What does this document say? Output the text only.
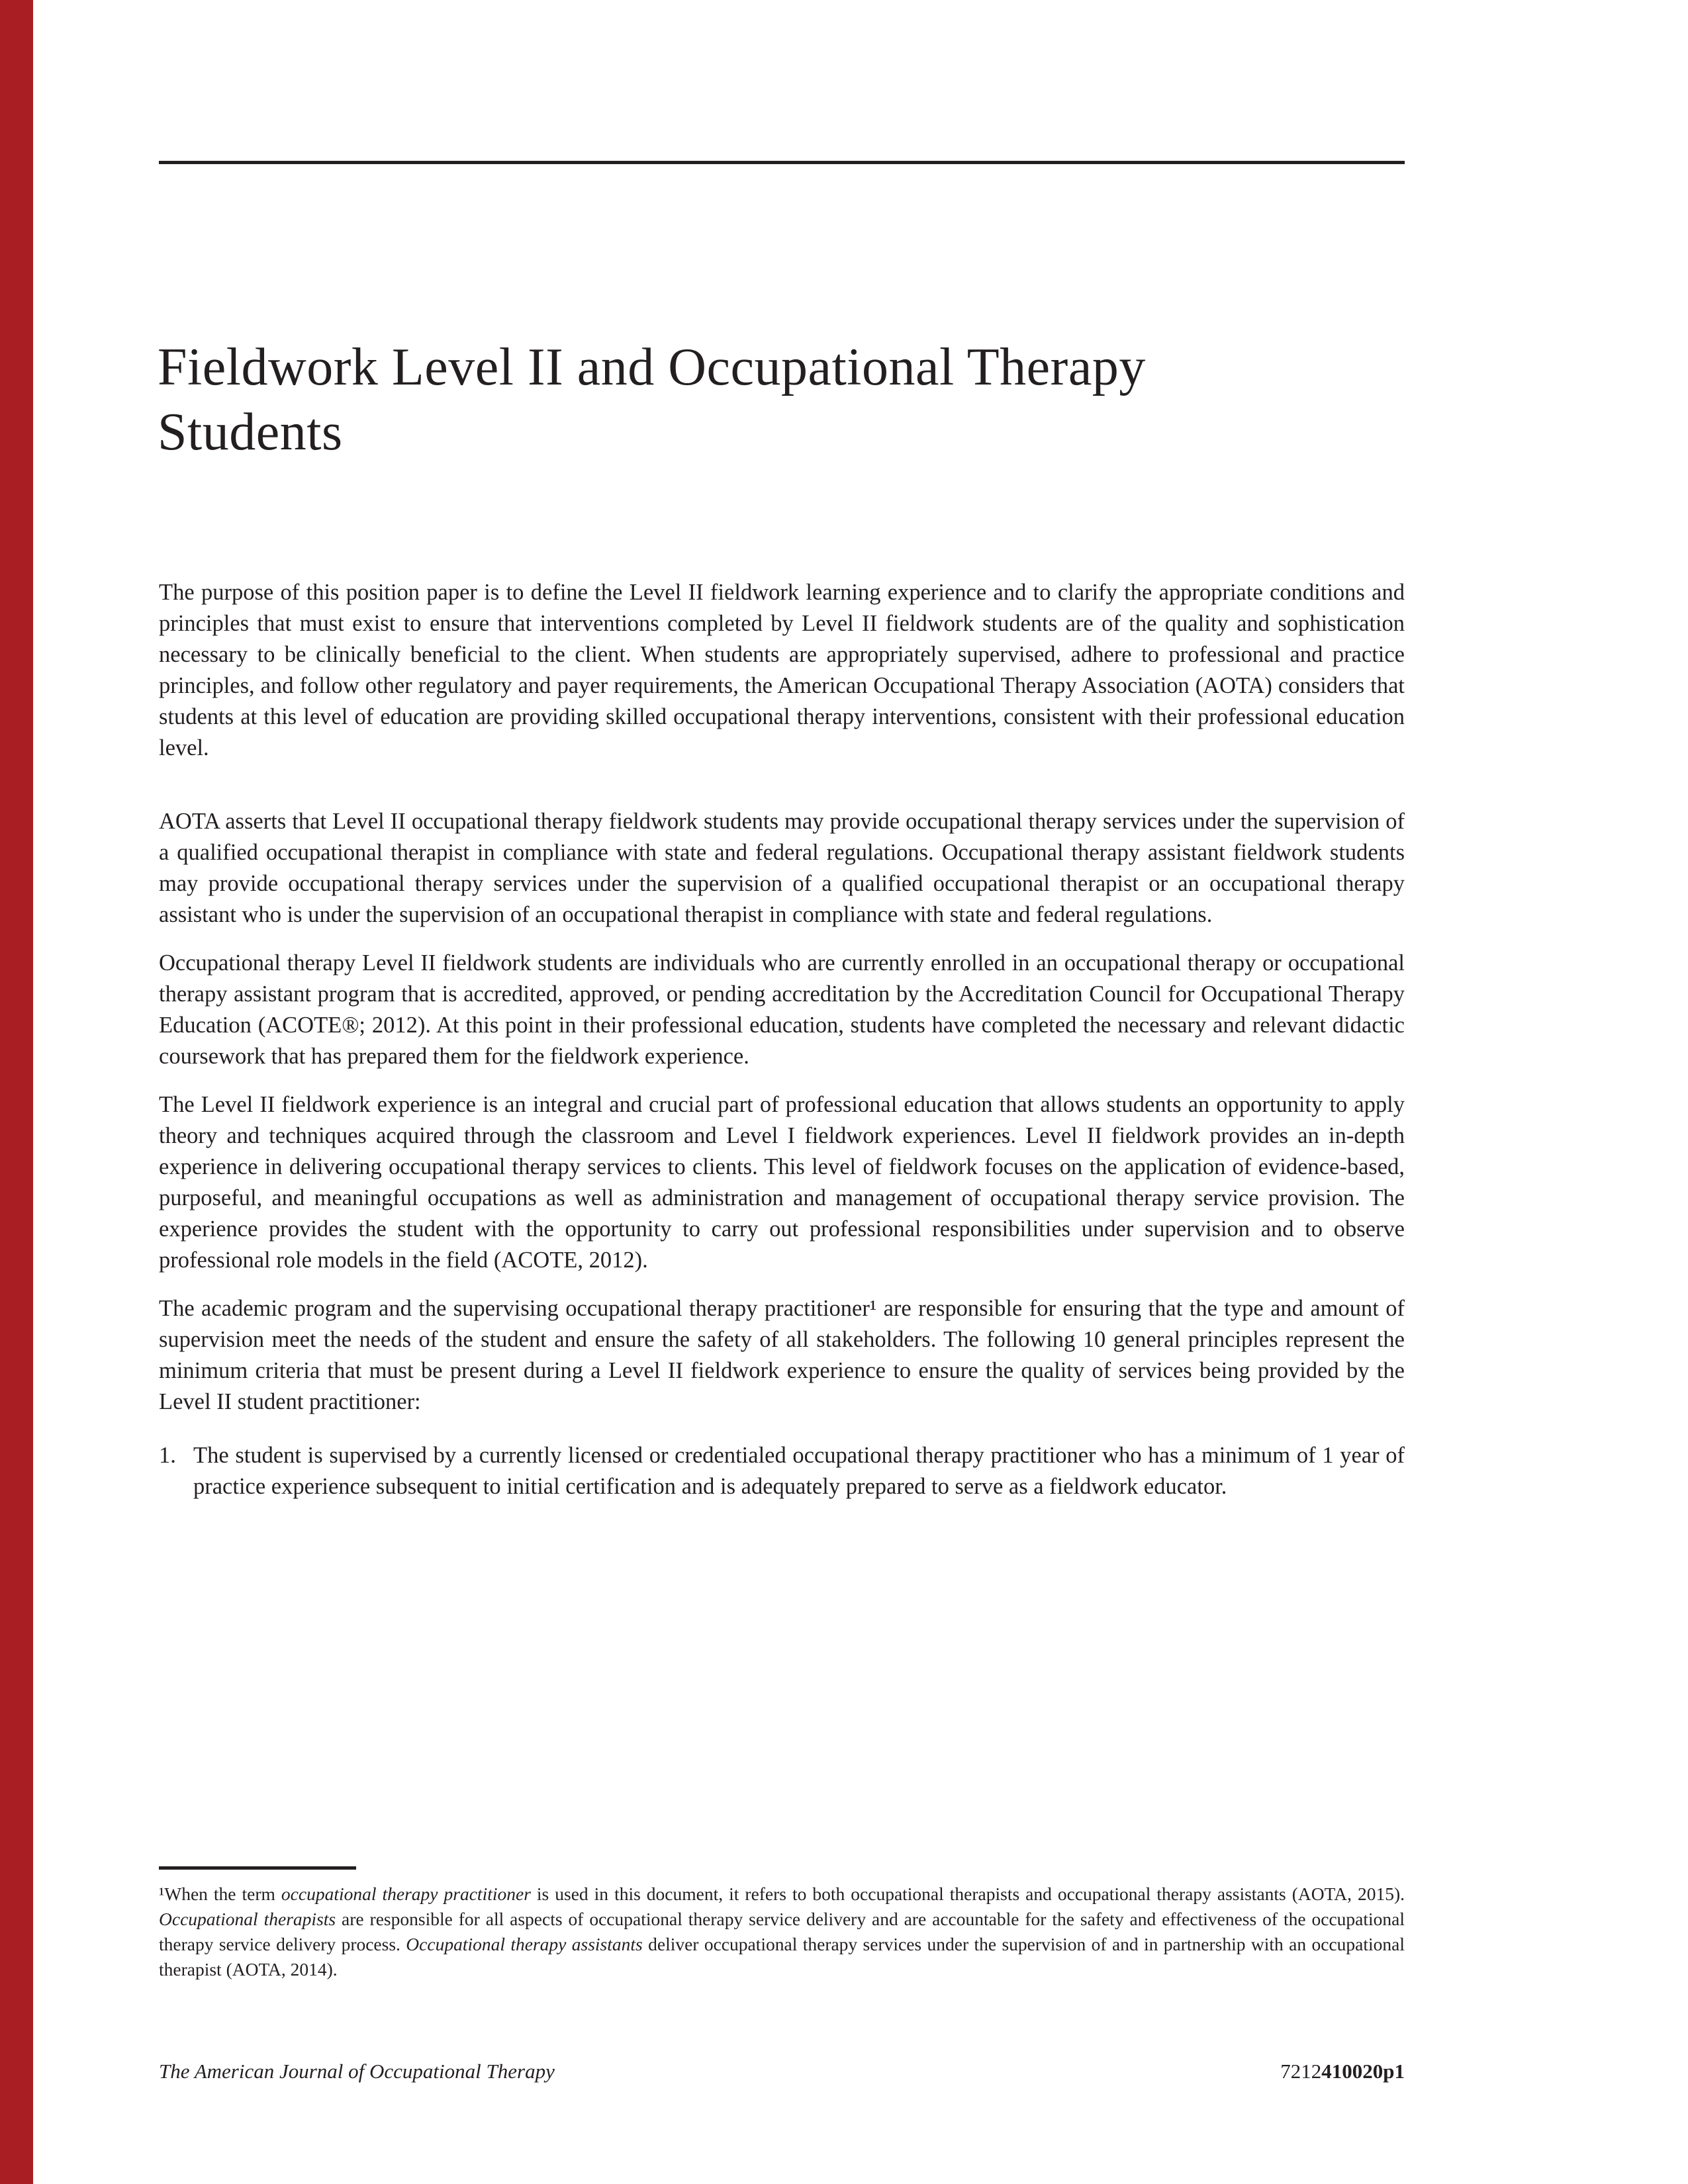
Fieldwork Level II and Occupational Therapy Students

The purpose of this position paper is to define the Level II fieldwork learning experience and to clarify the appropriate conditions and principles that must exist to ensure that interventions completed by Level II fieldwork students are of the quality and sophistication necessary to be clinically beneficial to the client. When students are appropriately supervised, adhere to professional and practice principles, and follow other regulatory and payer requirements, the American Occupational Therapy Association (AOTA) considers that students at this level of education are providing skilled occupational therapy interventions, consistent with their professional education level.

AOTA asserts that Level II occupational therapy fieldwork students may provide occupational therapy services under the supervision of a qualified occupational therapist in compliance with state and federal regulations. Occupational therapy assistant fieldwork students may provide occupational therapy services under the supervision of a qualified occupational therapist or an occupational therapy assistant who is under the supervision of an occupational therapist in compliance with state and federal regulations.

Occupational therapy Level II fieldwork students are individuals who are currently enrolled in an occupational therapy or occupational therapy assistant program that is accredited, approved, or pending accreditation by the Accreditation Council for Occupational Therapy Education (ACOTE®; 2012). At this point in their professional education, students have completed the necessary and relevant didactic coursework that has prepared them for the fieldwork experience.

The Level II fieldwork experience is an integral and crucial part of professional education that allows students an opportunity to apply theory and techniques acquired through the classroom and Level I fieldwork experiences. Level II fieldwork provides an in-depth experience in delivering occupational therapy services to clients. This level of fieldwork focuses on the application of evidence-based, purposeful, and meaningful occupations as well as administration and management of occupational therapy service provision. The experience provides the student with the opportunity to carry out professional responsibilities under supervision and to observe professional role models in the field (ACOTE, 2012).

The academic program and the supervising occupational therapy practitioner¹ are responsible for ensuring that the type and amount of supervision meet the needs of the student and ensure the safety of all stakeholders. The following 10 general principles represent the minimum criteria that must be present during a Level II fieldwork experience to ensure the quality of services being provided by the Level II student practitioner:

1. The student is supervised by a currently licensed or credentialed occupational therapy practitioner who has a minimum of 1 year of practice experience subsequent to initial certification and is adequately prepared to serve as a fieldwork educator.
¹When the term occupational therapy practitioner is used in this document, it refers to both occupational therapists and occupational therapy assistants (AOTA, 2015). Occupational therapists are responsible for all aspects of occupational therapy service delivery and are accountable for the safety and effectiveness of the occupational therapy service delivery process. Occupational therapy assistants deliver occupational therapy services under the supervision of and in partnership with an occupational therapist (AOTA, 2014).
The American Journal of Occupational Therapy	7212410020p1
